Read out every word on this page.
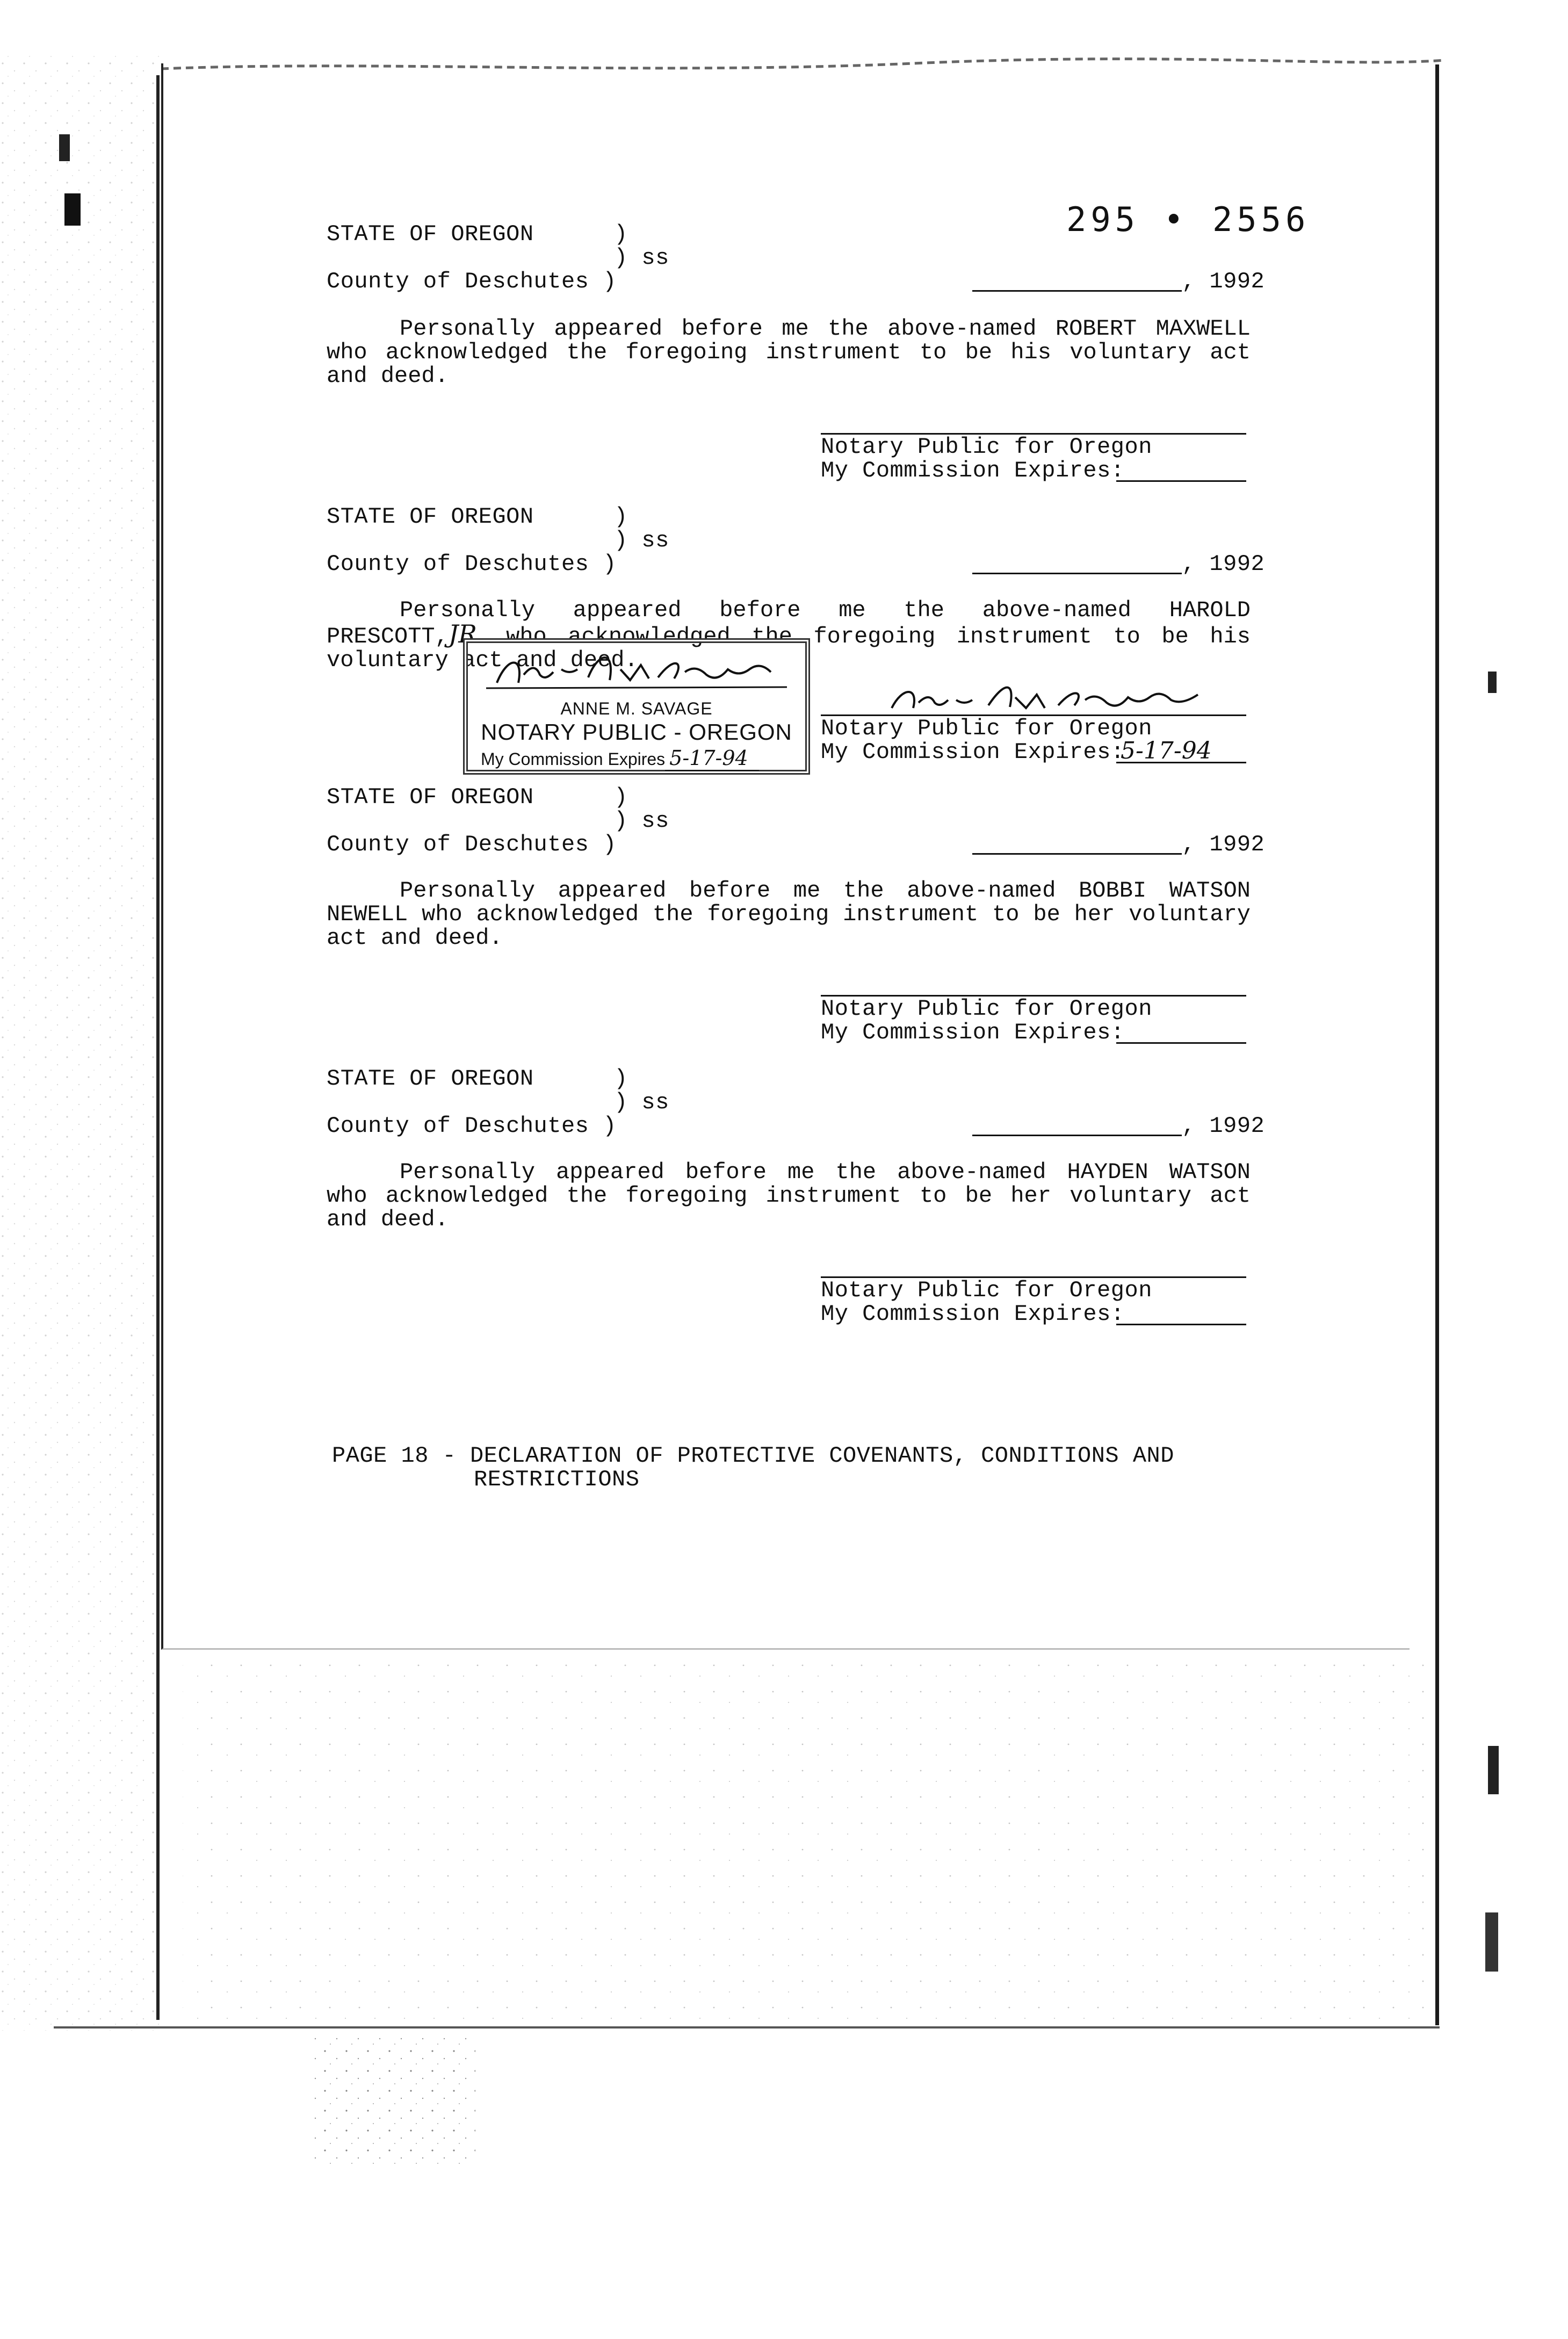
295 • 2556
STATE OF OREGON	)
) ss
County of Deschutes )	, 1992
Personally appeared before me the above-named ROBERT MAXWELL who acknowledged the foregoing instrument to be his voluntary act and deed.
Notary Public for Oregon
My Commission Expires:
STATE OF OREGON	)
) ss
County of Deschutes )	, 1992
Personally appeared before me the above-named HAROLD PRESCOTT,JR. who acknowledged the foregoing instrument to be his voluntary act and deed.
Notary Public for Oregon
My Commission Expires:
5-17-94
ANNE M. SAVAGE
NOTARY PUBLIC - OREGON
My Commission Expires 5-17-94
STATE OF OREGON	)
) ss
County of Deschutes )	, 1992
Personally appeared before me the above-named BOBBI WATSON NEWELL who acknowledged the foregoing instrument to be her voluntary act and deed.
Notary Public for Oregon
My Commission Expires:
STATE OF OREGON	)
) ss
County of Deschutes )	, 1992
Personally appeared before me the above-named HAYDEN WATSON who acknowledged the foregoing instrument to be her voluntary act and deed.
Notary Public for Oregon
My Commission Expires:
PAGE 18 - DECLARATION OF PROTECTIVE COVENANTS, CONDITIONS AND
RESTRICTIONS
